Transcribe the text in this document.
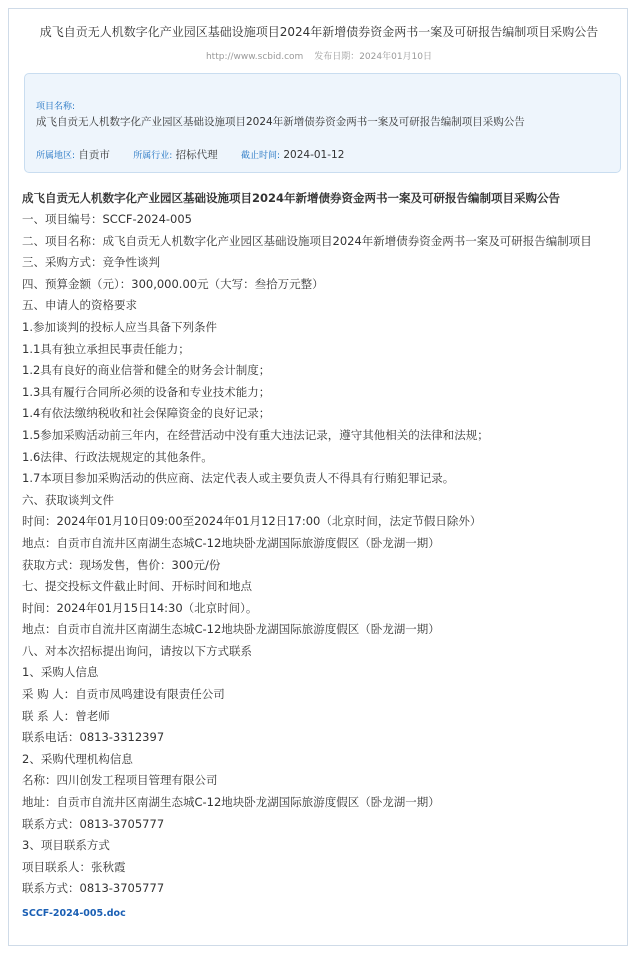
成飞自贡无人机数字化产业园区基础设施项目2024年新增债券资金两书一案及可研报告编制项目采购公告
http://www.scbid.com 发布日期：2024年01月10日
项目名称:
成飞自贡无人机数字化产业园区基础设施项目2024年新增债券资金两书一案及可研报告编制项目采购公告
所属地区: 自贡市	所属行业: 招标代理	截止时间: 2024-01-12
成飞自贡无人机数字化产业园区基础设施项目2024年新增债券资金两书一案及可研报告编制项目采购公告
一、项目编号：SCCF-2024-005
二、项目名称：成飞自贡无人机数字化产业园区基础设施项目2024年新增债券资金两书一案及可研报告编制项目
三、采购方式：竞争性谈判
四、预算金额（元）：300,000.00元（大写：叁拾万元整）
五、申请人的资格要求
1.参加谈判的投标人应当具备下列条件
1.1具有独立承担民事责任能力；
1.2具有良好的商业信誉和健全的财务会计制度；
1.3具有履行合同所必须的设备和专业技术能力；
1.4有依法缴纳税收和社会保障资金的良好记录；
1.5参加采购活动前三年内，在经营活动中没有重大违法记录，遵守其他相关的法律和法规；
1.6法律、行政法规规定的其他条件。
1.7本项目参加采购活动的供应商、法定代表人或主要负责人不得具有行贿犯罪记录。
六、获取谈判文件
时间：2024年01月10日09:00至2024年01月12日17:00（北京时间，法定节假日除外）
地点：自贡市自流井区南湖生态城C-12地块卧龙湖国际旅游度假区（卧龙湖一期）
获取方式：现场发售，售价：300元/份
七、提交投标文件截止时间、开标时间和地点
时间：2024年01月15日14:30（北京时间）。
地点：自贡市自流井区南湖生态城C-12地块卧龙湖国际旅游度假区（卧龙湖一期）
八、对本次招标提出询问，请按以下方式联系
1、采购人信息
采 购 人：自贡市凤鸣建设有限责任公司
联 系 人：曾老师
联系电话：0813-3312397
2、采购代理机构信息
名称：四川创发工程项目管理有限公司
地址：自贡市自流井区南湖生态城C-12地块卧龙湖国际旅游度假区（卧龙湖一期）
联系方式：0813-3705777
3、项目联系方式
项目联系人：张秋霞
联系方式：0813-3705777
SCCF-2024-005.doc
